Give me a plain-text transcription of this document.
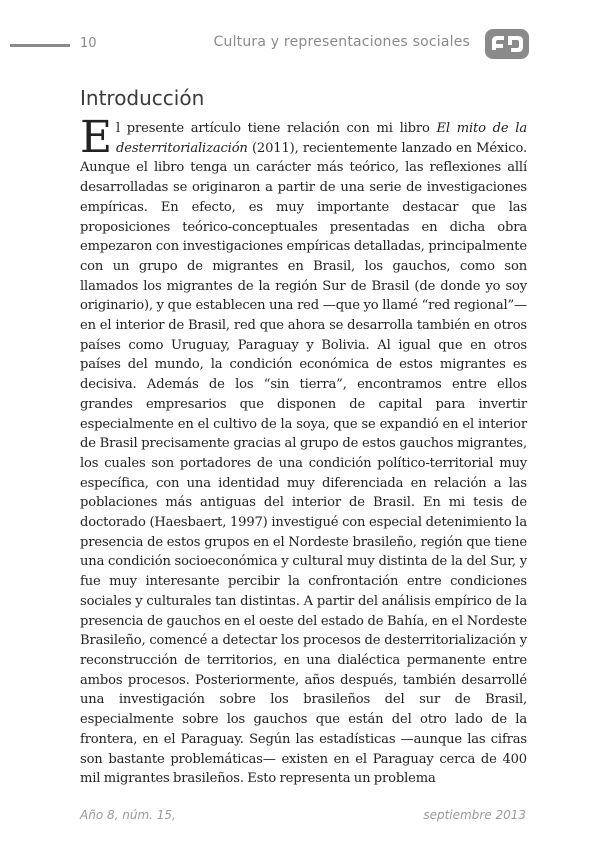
10	Cultura y representaciones sociales
Introducción
El presente artículo tiene relación con mi libro El mito de la desterritorialización (2011), recientemente lanzado en México. Aunque el libro tenga un carácter más teórico, las reflexiones allí desarrolladas se originaron a partir de una serie de investigaciones empíricas. En efecto, es muy importante destacar que las proposiciones teórico-conceptuales presentadas en dicha obra empezaron con investigaciones empíricas detalladas, principalmente con un grupo de migrantes en Brasil, los gauchos, como son llamados los migrantes de la región Sur de Brasil (de donde yo soy originario), y que establecen una red —que yo llamé “red regional”— en el interior de Brasil, red que ahora se desarrolla también en otros países como Uruguay, Paraguay y Bolivia. Al igual que en otros países del mundo, la condición económica de estos migrantes es decisiva. Además de los “sin tierra”, encontramos entre ellos grandes empresarios que disponen de capital para invertir especialmente en el cultivo de la soya, que se expandió en el interior de Brasil precisamente gracias al grupo de estos gauchos migrantes, los cuales son portadores de una condición político-territorial muy específica, con una identidad muy diferenciada en relación a las poblaciones más antiguas del interior de Brasil. En mi tesis de doctorado (Haesbaert, 1997) investigué con especial detenimiento la presencia de estos grupos en el Nordeste brasileño, región que tiene una condición socioeconómica y cultural muy distinta de la del Sur, y fue muy interesante percibir la confrontación entre condiciones sociales y culturales tan distintas. A partir del análisis empírico de la presencia de gauchos en el oeste del estado de Bahía, en el Nordeste Brasileño, comencé a detectar los procesos de desterritorialización y reconstrucción de territorios, en una dialéctica permanente entre ambos procesos. Posteriormente, años después, también desarrollé una investigación sobre los brasileños del sur de Brasil, especialmente sobre los gauchos que están del otro lado de la frontera, en el Paraguay. Según las estadísticas —aunque las cifras son bastante problemáticas— existen en el Paraguay cerca de 400 mil migrantes brasileños. Esto representa un problema
Año 8, núm. 15,	septiembre 2013
